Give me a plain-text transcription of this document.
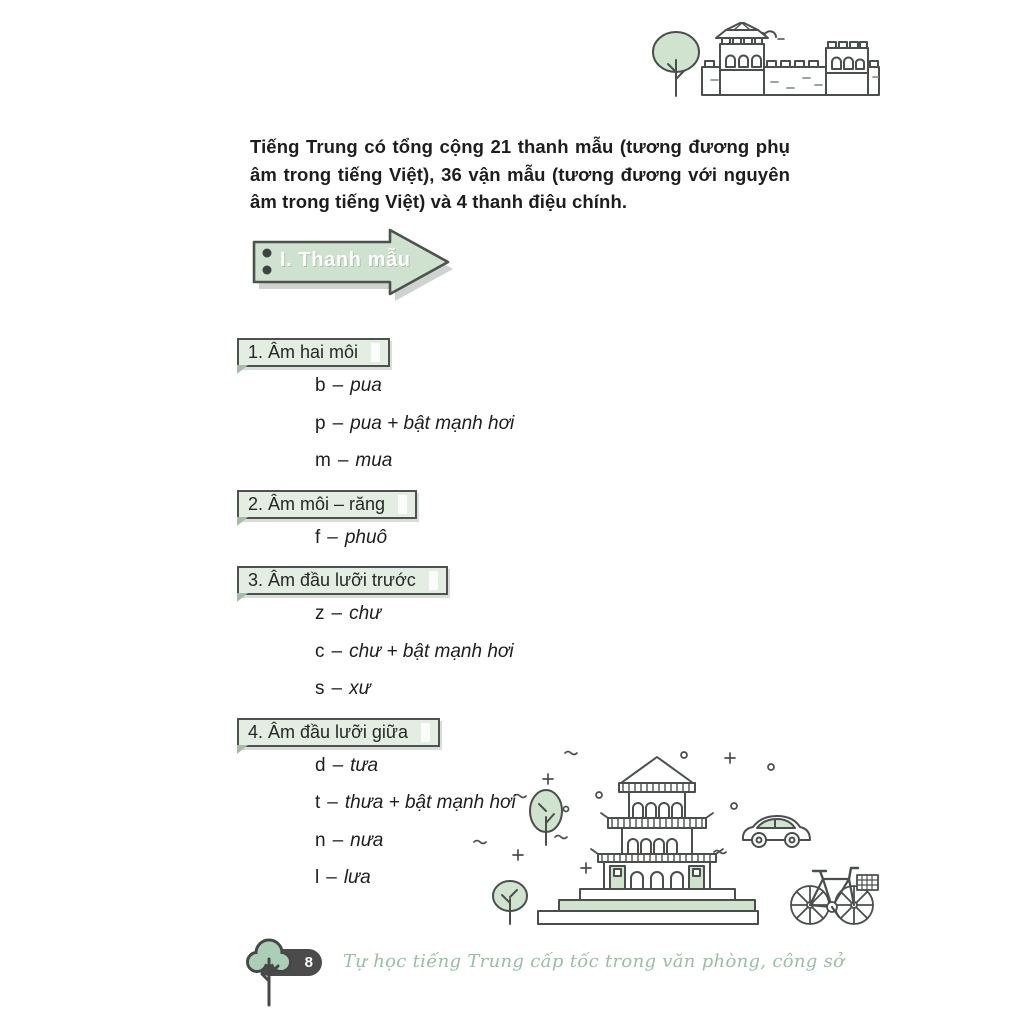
Tiếng Trung có tổng cộng 21 thanh mẫu (tương đương phụ âm trong tiếng Việt), 36 vận mẫu (tương đương với nguyên âm trong tiếng Việt) và 4 thanh điệu chính.

I. Thanh mẫu
1. Âm hai môi
b – pua
p – pua + bật mạnh hơi
m – mua
2. Âm môi – răng
f – phuô
3. Âm đầu lưỡi trước
z – chư
c – chư + bật mạnh hơi
s – xư
4. Âm đầu lưỡi giữa
d – tưa
t – thưa + bật mạnh hơi
n – nưa
l – lưa
8	Tự học tiếng Trung cấp tốc trong văn phòng, công sở
